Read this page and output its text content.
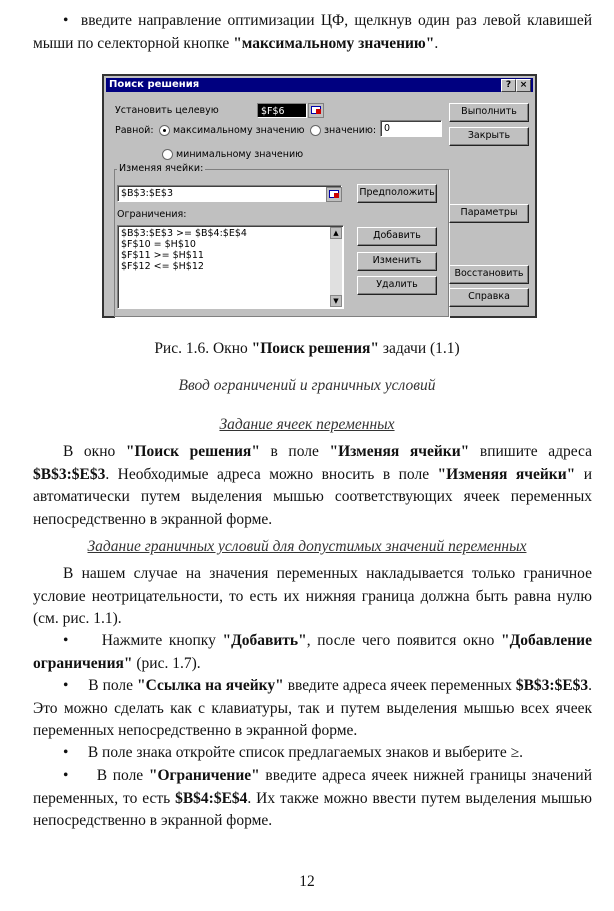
• введите направление оптимизации ЦФ, щелкнув один раз левой клавишей мыши по селекторной кнопке "максимальному значению".

Поиск решения	? ×
Установить целевую	$F$6
Равной: максимальному значению значению: 0
минимальному значению
Изменяя ячейки:
$B$3:$E$3	Предположить
Ограничения:
$B$3:$E$3 >= $B$4:$E$4
$F$10 = $H$10
$F$11 >= $H$11
$F$12 <= $H$12
▲
▼
Добавить
Изменить
Удалить
Выполнить
Закрыть
Параметры
Восстановить
Справка
Рис. 1.6. Окно "Поиск решения" задачи (1.1)
Ввод ограничений и граничных условий
Задание ячеек переменных

В окно "Поиск решения" в поле "Изменяя ячейки" впишите адреса $B$3:$E$3. Необходимые адреса можно вносить в поле "Изменяя ячейки" и автоматически путем выделения мышью соответствующих ячеек переменных непосредственно в экранной форме.

Задание граничных условий для допустимых значений переменных

В нашем случае на значения переменных накладывается только граничное условие неотрицательности, то есть их нижняя граница должна быть равна нулю (см. рис. 1.1).

• Нажмите кнопку "Добавить", после чего появится окно "Добавление ограничения" (рис. 1.7).

• В поле "Ссылка на ячейку" введите адреса ячеек переменных $B$3:$E$3. Это можно сделать как с клавиатуры, так и путем выделения мышью всех ячеек переменных непосредственно в экранной форме.

• В поле знака откройте список предлагаемых знаков и выберите ≥.

• В поле "Ограничение" введите адреса ячеек нижней границы значений переменных, то есть $B$4:$E$4. Их также можно ввести путем выделения мышью непосредственно в экранной форме.

12
